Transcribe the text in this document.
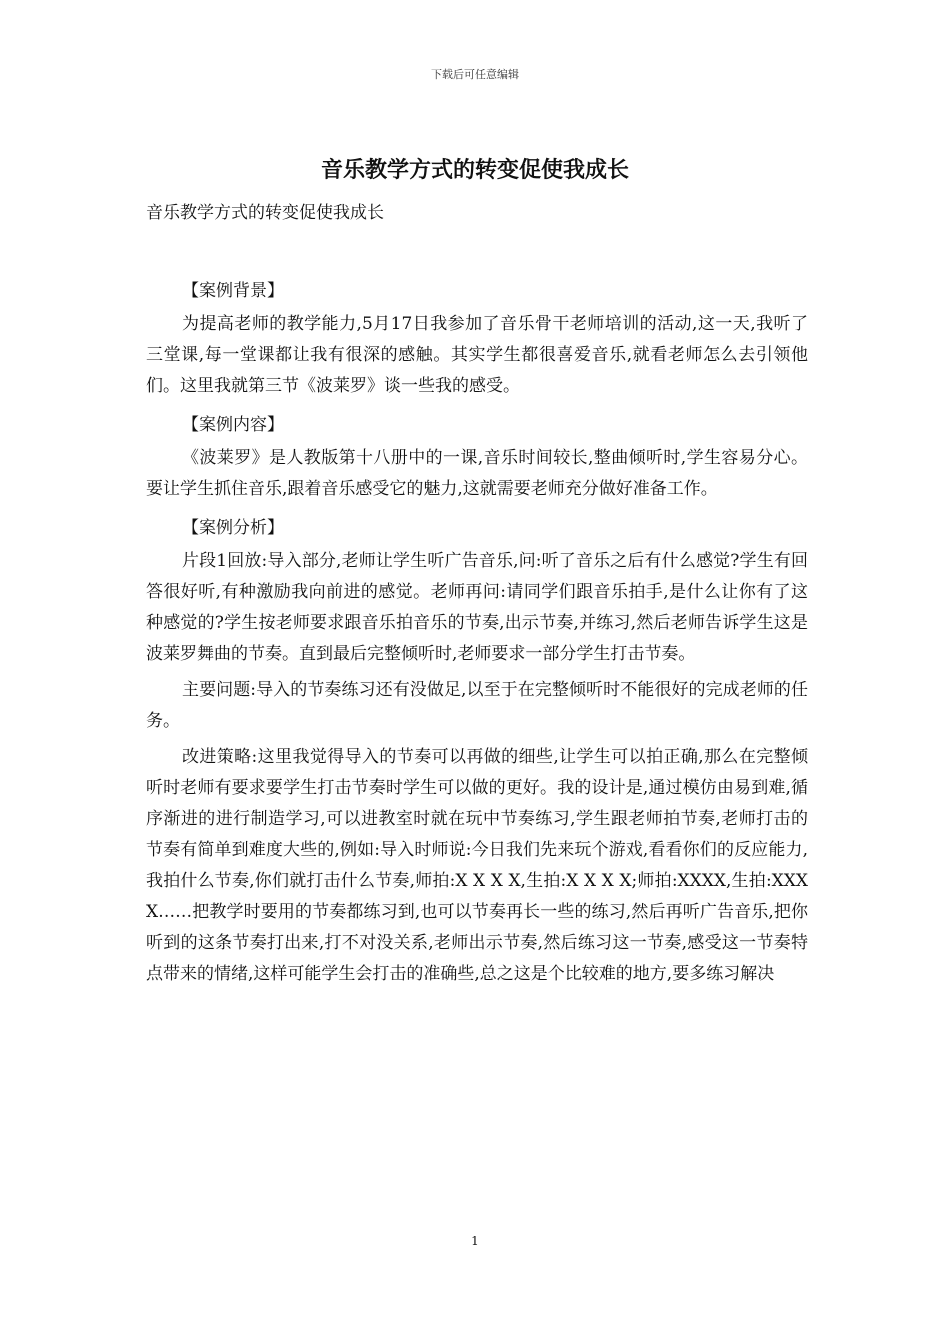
下载后可任意编辑
音乐教学方式的转变促使我成长

音乐教学方式的转变促使我成长

【案例背景】

为提高老师的教学能力,5月17日我参加了音乐骨干老师培训的活动,这一天,我听了三堂课,每一堂课都让我有很深的感触。其实学生都很喜爱音乐,就看老师怎么去引领他们。这里我就第三节《波莱罗》谈一些我的感受。

【案例内容】

《波莱罗》是人教版第十八册中的一课,音乐时间较长,整曲倾听时,学生容易分心。要让学生抓住音乐,跟着音乐感受它的魅力,这就需要老师充分做好准备工作。

【案例分析】

片段1回放:导入部分,老师让学生听广告音乐,问:听了音乐之后有什么感觉?学生有回答很好听,有种激励我向前进的感觉。老师再问:请同学们跟音乐拍手,是什么让你有了这种感觉的?学生按老师要求跟音乐拍音乐的节奏,出示节奏,并练习,然后老师告诉学生这是波莱罗舞曲的节奏。直到最后完整倾听时,老师要求一部分学生打击节奏。

主要问题:导入的节奏练习还有没做足,以至于在完整倾听时不能很好的完成老师的任务。

改进策略:这里我觉得导入的节奏可以再做的细些,让学生可以拍正确,那么在完整倾听时老师有要求要学生打击节奏时学生可以做的更好。我的设计是,通过模仿由易到难,循序渐进的进行制造学习,可以进教室时就在玩中节奏练习,学生跟老师拍节奏,老师打击的节奏有简单到难度大些的,例如:导入时师说:今日我们先来玩个游戏,看看你们的反应能力,我拍什么节奏,你们就打击什么节奏,师拍:X X X X,生拍:X X X X;师拍:XXXX,生拍:XXXX……把教学时要用的节奏都练习到,也可以节奏再长一些的练习,然后再听广告音乐,把你听到的这条节奏打出来,打不对没关系,老师出示节奏,然后练习这一节奏,感受这一节奏特点带来的情绪,这样可能学生会打击的准确些,总之这是个比较难的地方,要多练习解决

1
